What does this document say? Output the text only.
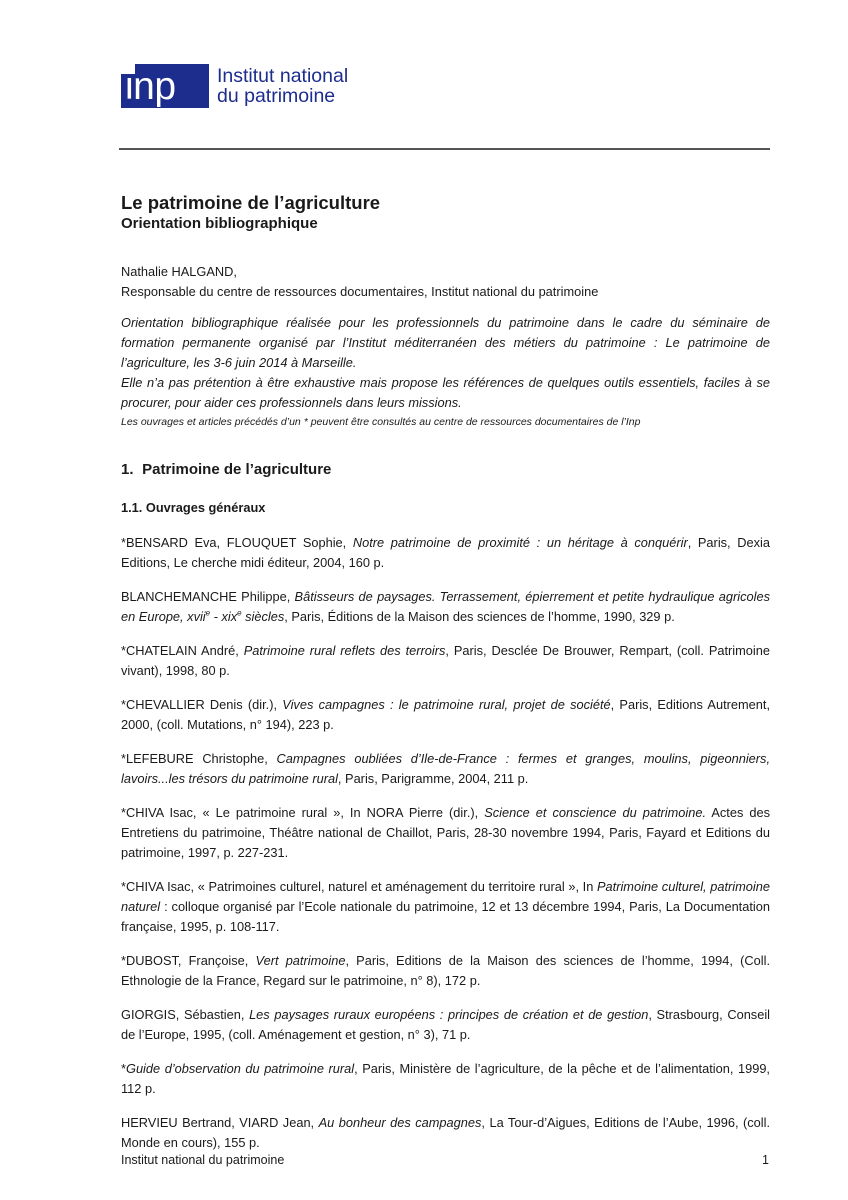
inp Institut national
du patrimoine
Le patrimoine de l’agriculture
Orientation bibliographique
Nathalie HALGAND,
Responsable du centre de ressources documentaires, Institut national du patrimoine

Orientation bibliographique réalisée pour les professionnels du patrimoine dans le cadre du séminaire de formation permanente organisé par l’Institut méditerranéen des métiers du patrimoine : Le patrimoine de l’agriculture, les 3-6 juin 2014 à Marseille.

Elle n’a pas prétention à être exhaustive mais propose les références de quelques outils essentiels, faciles à se procurer, pour aider ces professionnels dans leurs missions.

Les ouvrages et articles précédés d’un * peuvent être consultés au centre de ressources documentaires de l’Inp
1. Patrimoine de l’agriculture
1.1. Ouvrages généraux

*BENSARD Eva, FLOUQUET Sophie, Notre patrimoine de proximité : un héritage à conquérir, Paris, Dexia Editions, Le cherche midi éditeur, 2004, 160 p.

BLANCHEMANCHE Philippe, Bâtisseurs de paysages. Terrassement, épierrement et petite hydraulique agricoles en Europe, xvii$^e$ - xix$^e$ siècles, Paris, Éditions de la Maison des sciences de l’homme, 1990, 329 p.

*CHATELAIN André, Patrimoine rural reflets des terroirs, Paris, Desclée De Brouwer, Rempart, (coll. Patrimoine vivant), 1998, 80 p.

*CHEVALLIER Denis (dir.), Vives campagnes : le patrimoine rural, projet de société, Paris, Editions Autrement, 2000, (coll. Mutations, n° 194), 223 p.

*LEFEBURE Christophe, Campagnes oubliées d’Ile-de-France : fermes et granges, moulins, pigeonniers, lavoirs...les trésors du patrimoine rural, Paris, Parigramme, 2004, 211 p.

*CHIVA Isac, « Le patrimoine rural », In NORA Pierre (dir.), Science et conscience du patrimoine. Actes des Entretiens du patrimoine, Théâtre national de Chaillot, Paris, 28-30 novembre 1994, Paris, Fayard et Editions du patrimoine, 1997, p. 227-231.

*CHIVA Isac, « Patrimoines culturel, naturel et aménagement du territoire rural », In Patrimoine culturel, patrimoine naturel : colloque organisé par l’Ecole nationale du patrimoine, 12 et 13 décembre 1994, Paris, La Documentation française, 1995, p. 108-117.

*DUBOST, Françoise, Vert patrimoine, Paris, Editions de la Maison des sciences de l’homme, 1994, (Coll. Ethnologie de la France, Regard sur le patrimoine, n° 8), 172 p.

GIORGIS, Sébastien, Les paysages ruraux européens : principes de création et de gestion, Strasbourg, Conseil de l’Europe, 1995, (coll. Aménagement et gestion, n° 3), 71 p.

*Guide d’observation du patrimoine rural, Paris, Ministère de l’agriculture, de la pêche et de l’alimentation, 1999, 112 p.

HERVIEU Bertrand, VIARD Jean, Au bonheur des campagnes, La Tour-d’Aigues, Editions de l’Aube, 1996, (coll. Monde en cours), 155 p.

Institut national du patrimoine	1
